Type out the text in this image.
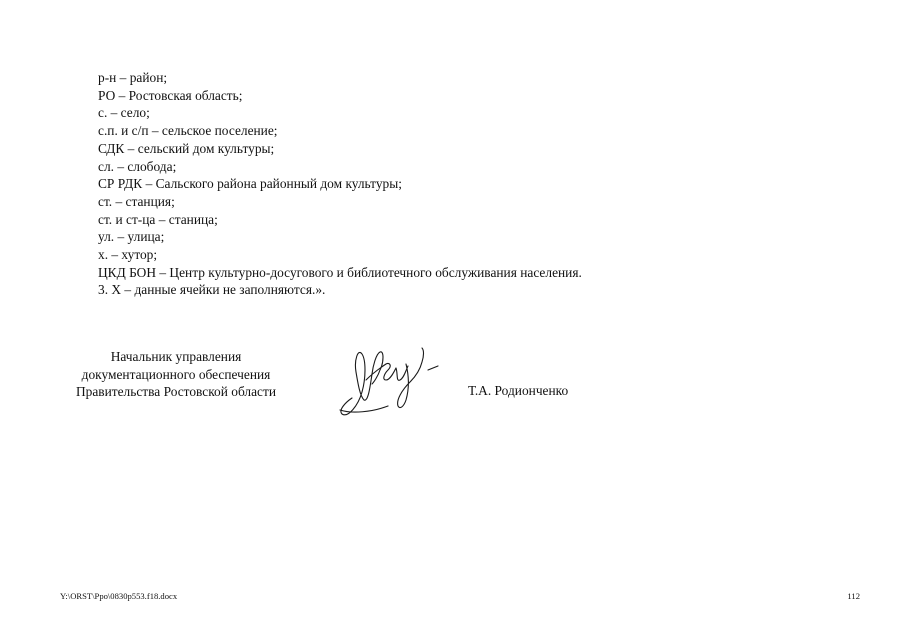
р-н – район;
РО – Ростовская область;
с. – село;
с.п. и с/п – сельское поселение;
СДК – сельский дом культуры;
сл. – слобода;
СР РДК – Сальского района районный дом культуры;
ст. – станция;
ст. и ст-ца – станица;
ул. – улица;
х. – хутор;
ЦКД БОН – Центр культурно-досугового и библиотечного обслуживания населения.
3. Х – данные ячейки не заполняются.».
Начальник управления
документационного обеспечения
Правительства Ростовской области	Т.А. Родионченко
Y:\ORST\Ppo\0830p553.f18.docx	112
